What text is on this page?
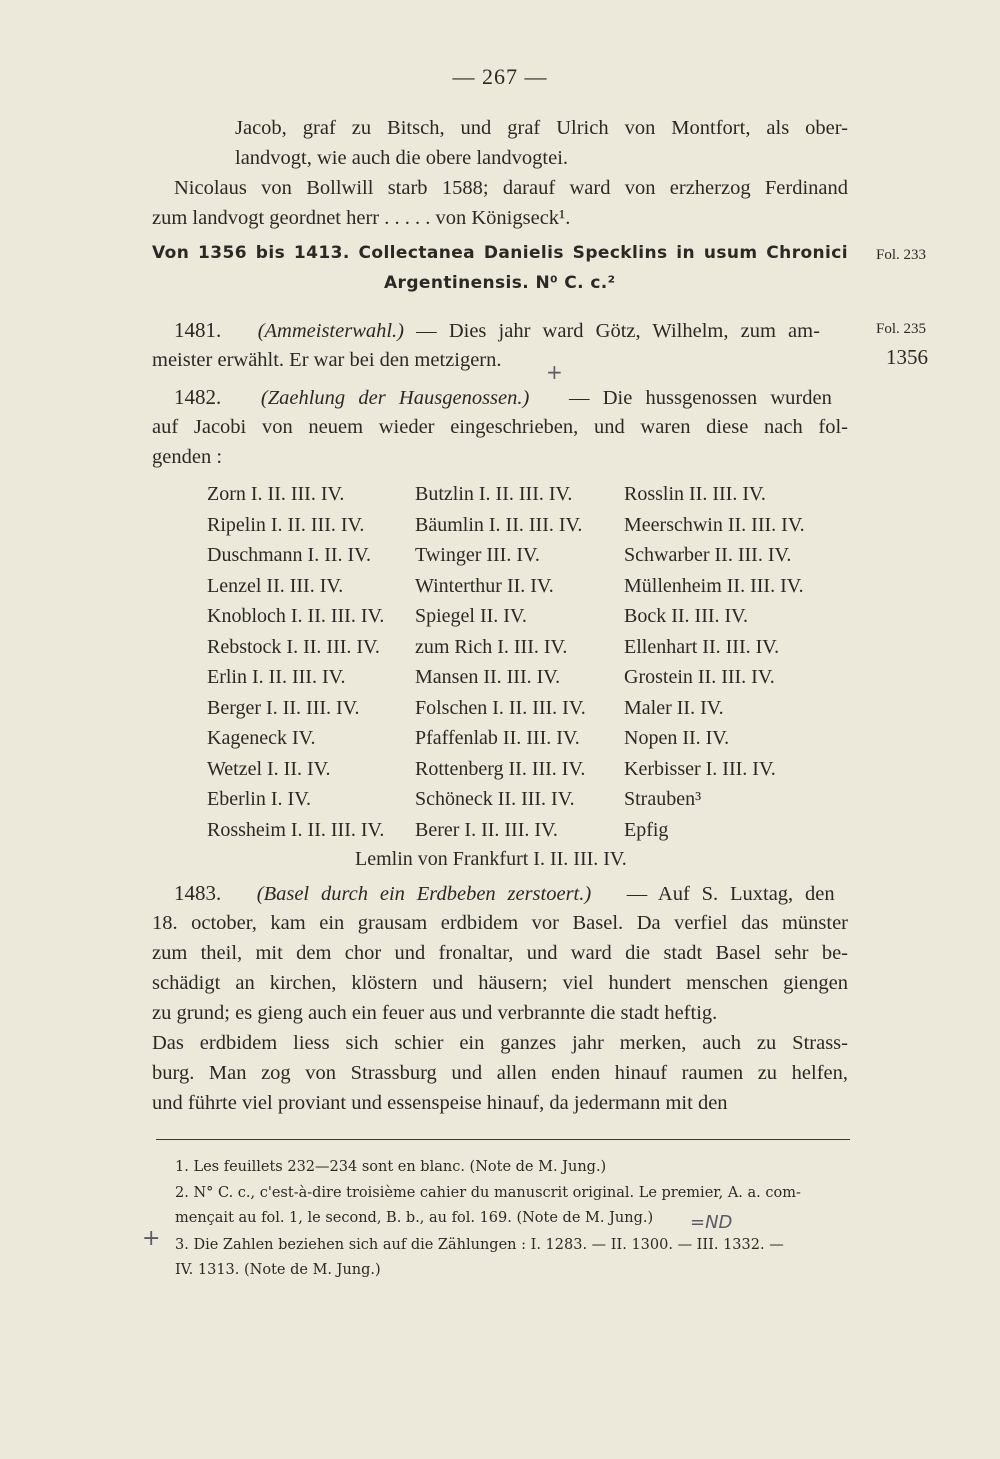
— 267 —
Jacob, graf zu Bitsch, und graf Ulrich von Montfort, als ober-
landvogt, wie auch die obere landvogtei.
Nicolaus von Bollwill starb 1588; darauf ward von erzherzog Ferdinand
zum landvogt geordnet herr . . . . . von Königseck¹.
Von 1356 bis 1413. Collectanea Danielis Specklins in usum Chronici
Argentinensis. N⁰ C. c.²
Fol. 233
Fol. 235
1356
1481. (Ammeisterwahl.) — Dies jahr ward Götz, Wilhelm, zum am-
meister erwählt. Er war bei den metzigern.
1482. (Zaehlung der Hausgenossen.) — Die hussgenossen wurden
auf Jacobi von neuem wieder eingeschrieben, und waren diese nach fol-
genden :
Zorn I. II. III. IV.
Ripelin I. II. III. IV.
Duschmann I. II. IV.
Lenzel II. III. IV.
Knobloch I. II. III. IV.
Rebstock I. II. III. IV.
Erlin I. II. III. IV.
Berger I. II. III. IV.
Kageneck IV.
Wetzel I. II. IV.
Eberlin I. IV.
Rossheim I. II. III. IV.
Butzlin I. II. III. IV.
Bäumlin I. II. III. IV.
Twinger III. IV.
Winterthur II. IV.
Spiegel II. IV.
zum Rich I. III. IV.
Mansen II. III. IV.
Folschen I. II. III. IV.
Pfaffenlab II. III. IV.
Rottenberg II. III. IV.
Schöneck II. III. IV.
Berer I. II. III. IV.
Rosslin II. III. IV.
Meerschwin II. III. IV.
Schwarber II. III. IV.
Müllenheim II. III. IV.
Bock II. III. IV.
Ellenhart II. III. IV.
Grostein II. III. IV.
Maler II. IV.
Nopen II. IV.
Kerbisser I. III. IV.
Strauben³
Epfig
Lemlin von Frankfurt I. II. III. IV.
1483. (Basel durch ein Erdbeben zerstoert.) — Auf S. Luxtag, den
18. october, kam ein grausam erdbidem vor Basel. Da verfiel das münster
zum theil, mit dem chor und fronaltar, und ward die stadt Basel sehr be-
schädigt an kirchen, klöstern und häusern; viel hundert menschen giengen
zu grund; es gieng auch ein feuer aus und verbrannte die stadt heftig.
Das erdbidem liess sich schier ein ganzes jahr merken, auch zu Strass-
burg. Man zog von Strassburg und allen enden hinauf raumen zu helfen,
und führte viel proviant und essenspeise hinauf, da jedermann mit den
1. Les feuillets 232—234 sont en blanc. (Note de M. Jung.)
2. N° C. c., c'est-à-dire troisième cahier du manuscrit original. Le premier, A. a. com-
mençait au fol. 1, le second, B. b., au fol. 169. (Note de M. Jung.)
3. Die Zahlen beziehen sich auf die Zählungen : I. 1283. — II. 1300. — III. 1332. —
IV. 1313. (Note de M. Jung.)
+
+
=ND
